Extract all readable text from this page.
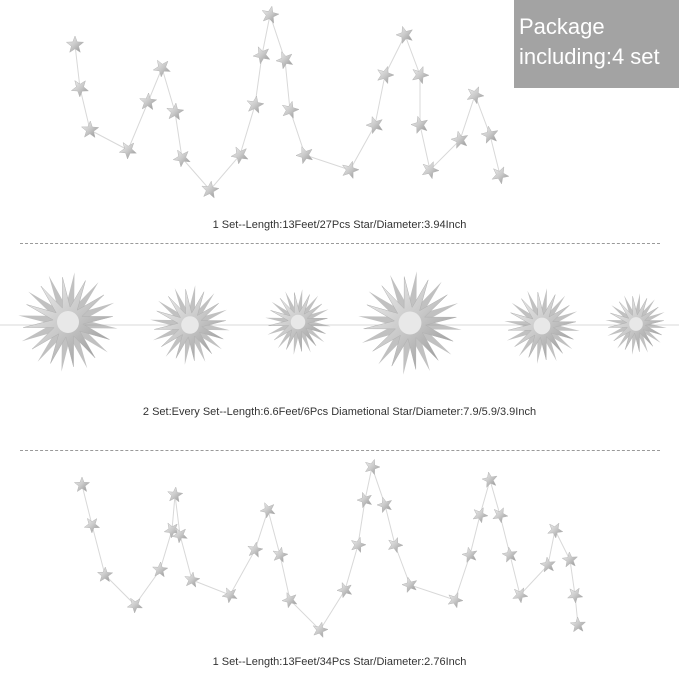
Package
including:4 set
1 Set--Length:13Feet/27Pcs Star/Diameter:3.94Inch
2 Set:Every Set--Length:6.6Feet/6Pcs Diametional Star/Diameter:7.9/5.9/3.9Inch
1 Set--Length:13Feet/34Pcs Star/Diameter:2.76Inch
